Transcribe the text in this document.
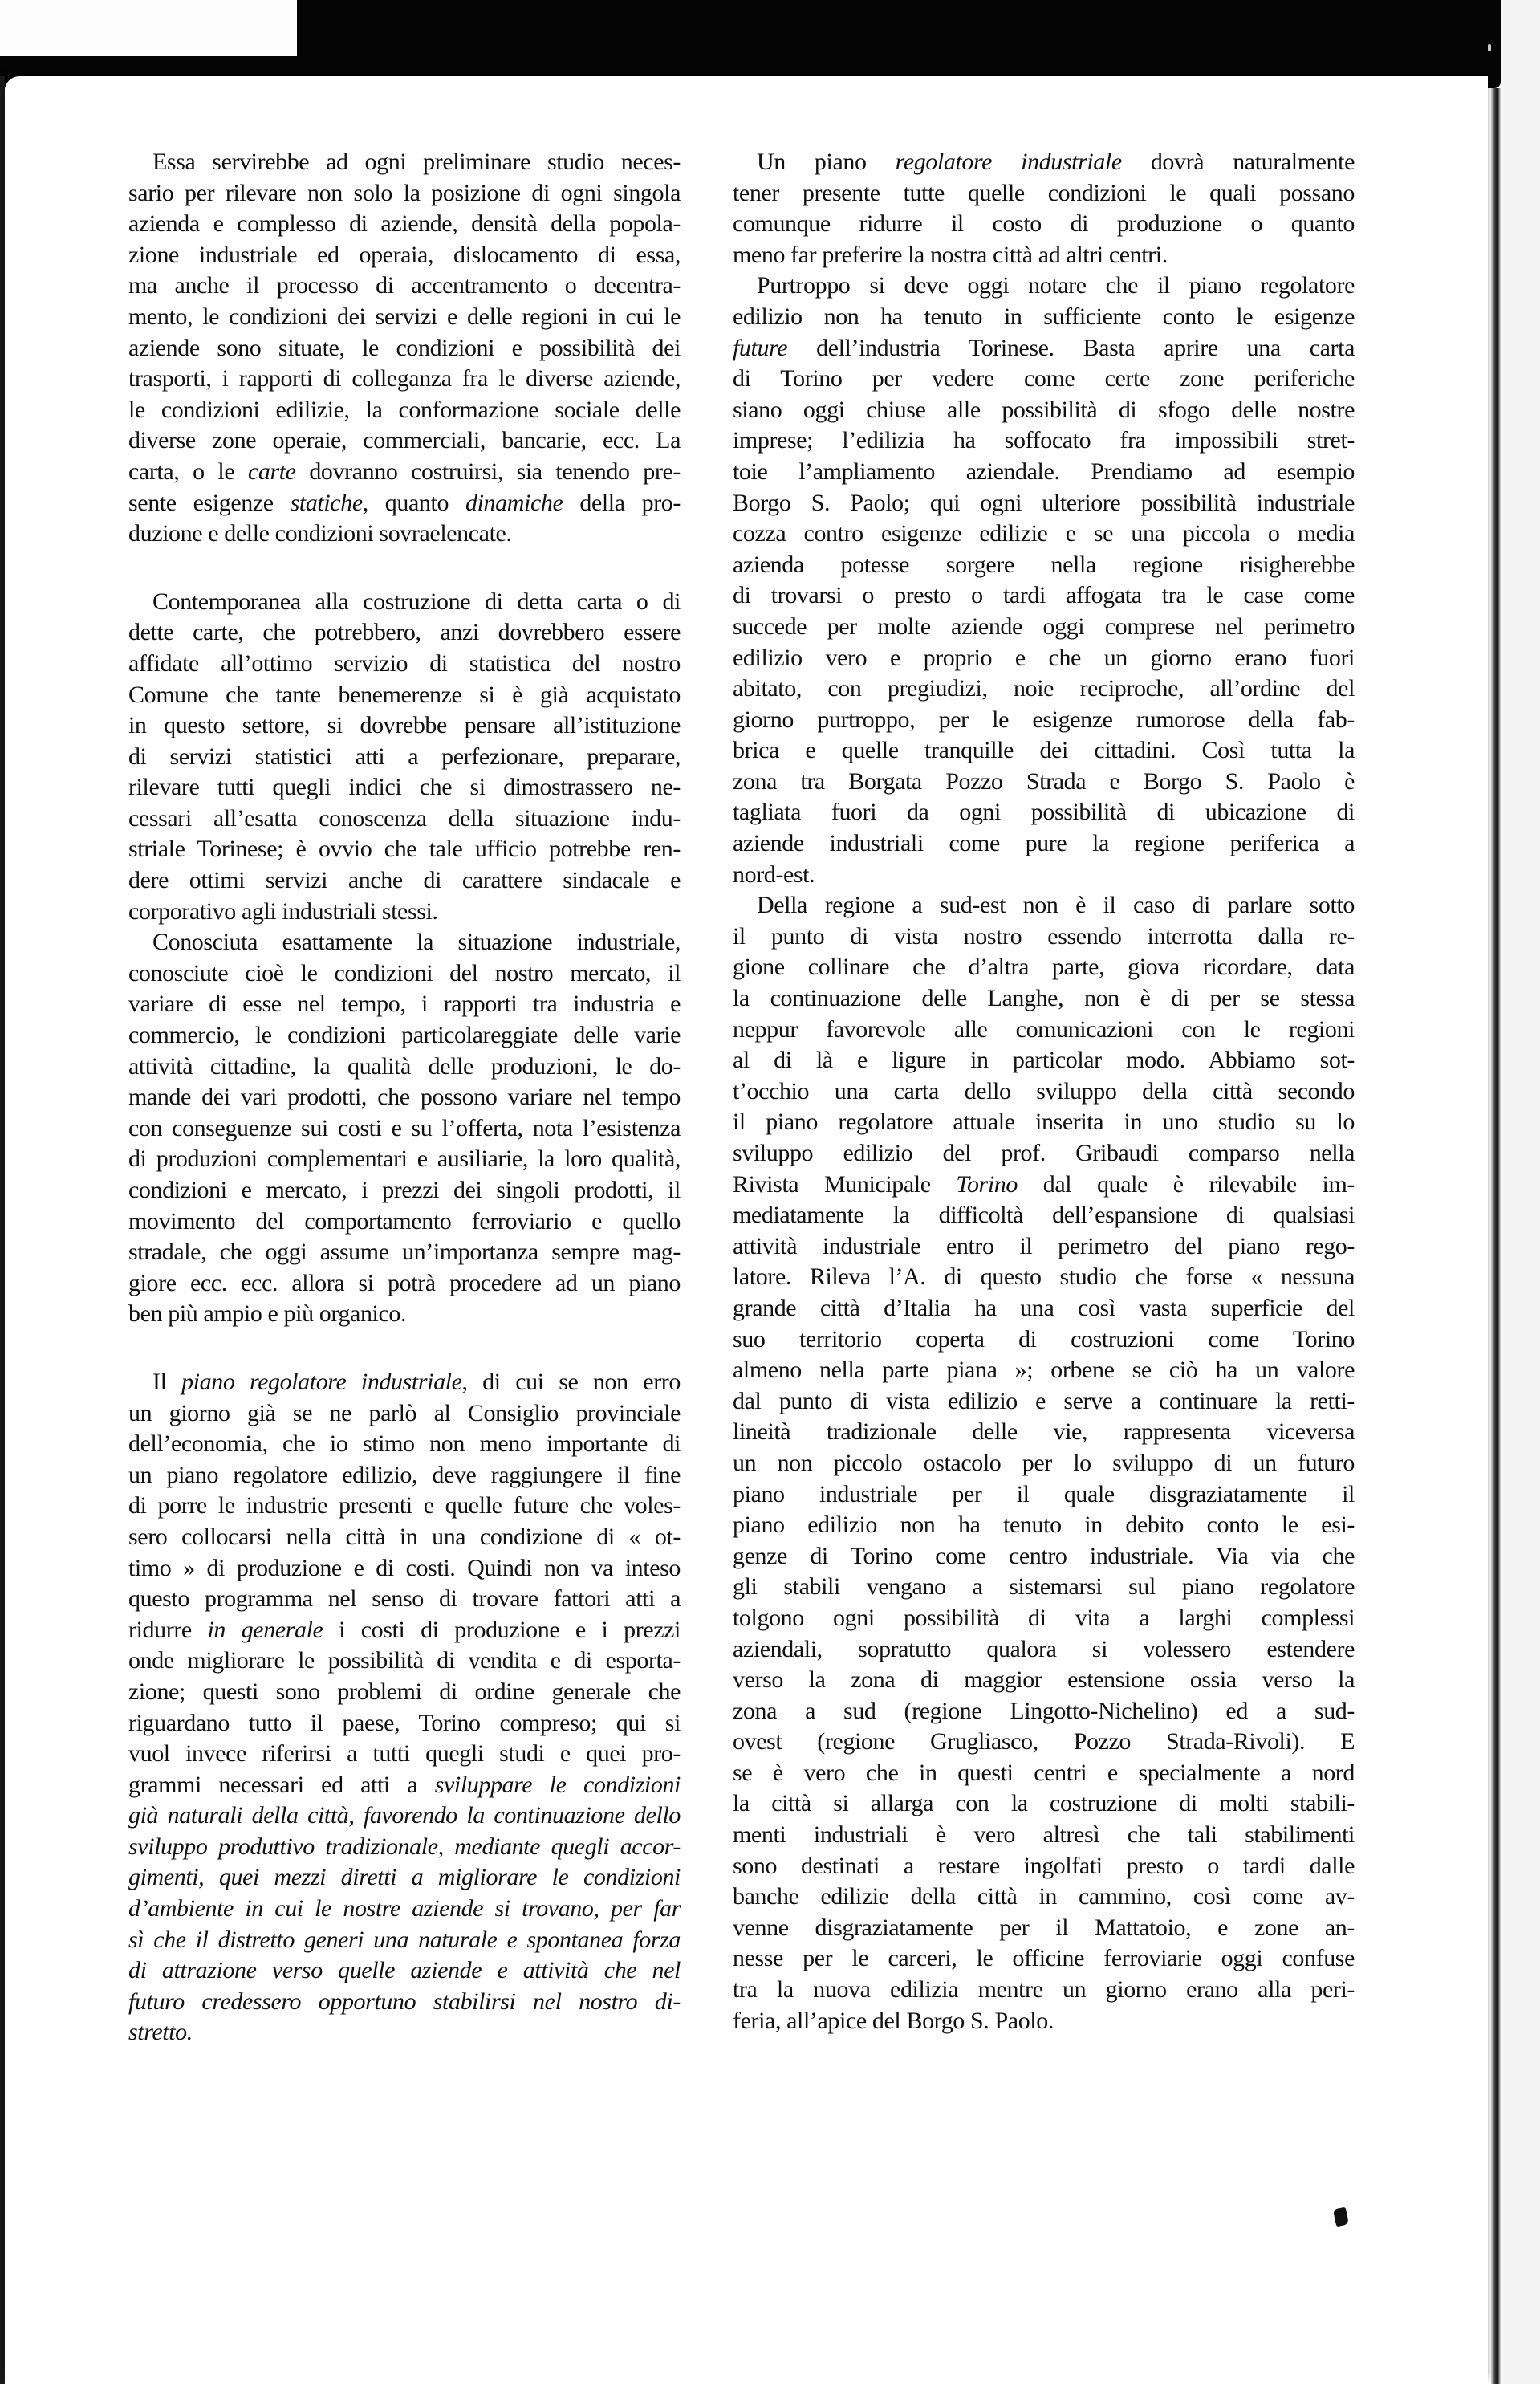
Essa servirebbe ad ogni preliminare studio neces-
sario per rilevare non solo la posizione di ogni singola
azienda e complesso di aziende, densità della popola-
zione industriale ed operaia, dislocamento di essa,
ma anche il processo di accentramento o decentra-
mento, le condizioni dei servizi e delle regioni in cui le
aziende sono situate, le condizioni e possibilità dei
trasporti, i rapporti di colleganza fra le diverse aziende,
le condizioni edilizie, la conformazione sociale delle
diverse zone operaie, commerciali, bancarie, ecc. La
carta, o le carte dovranno costruirsi, sia tenendo pre-
sente esigenze statiche, quanto dinamiche della pro-
duzione e delle condizioni sovraelencate.
Contemporanea alla costruzione di detta carta o di
dette carte, che potrebbero, anzi dovrebbero essere
affidate all’ottimo servizio di statistica del nostro
Comune che tante benemerenze si è già acquistato
in questo settore, si dovrebbe pensare all’istituzione
di servizi statistici atti a perfezionare, preparare,
rilevare tutti quegli indici che si dimostrassero ne-
cessari all’esatta conoscenza della situazione indu-
striale Torinese; è ovvio che tale ufficio potrebbe ren-
dere ottimi servizi anche di carattere sindacale e
corporativo agli industriali stessi.
Conosciuta esattamente la situazione industriale,
conosciute cioè le condizioni del nostro mercato, il
variare di esse nel tempo, i rapporti tra industria e
commercio, le condizioni particolareggiate delle varie
attività cittadine, la qualità delle produzioni, le do-
mande dei vari prodotti, che possono variare nel tempo
con conseguenze sui costi e su l’offerta, nota l’esistenza
di produzioni complementari e ausiliarie, la loro qualità,
condizioni e mercato, i prezzi dei singoli prodotti, il
movimento del comportamento ferroviario e quello
stradale, che oggi assume un’importanza sempre mag-
giore ecc. ecc. allora si potrà procedere ad un piano
ben più ampio e più organico.
Il piano regolatore industriale, di cui se non erro
un giorno già se ne parlò al Consiglio provinciale
dell’economia, che io stimo non meno importante di
un piano regolatore edilizio, deve raggiungere il fine
di porre le industrie presenti e quelle future che voles-
sero collocarsi nella città in una condizione di « ot-
timo » di produzione e di costi. Quindi non va inteso
questo programma nel senso di trovare fattori atti a
ridurre in generale i costi di produzione e i prezzi
onde migliorare le possibilità di vendita e di esporta-
zione; questi sono problemi di ordine generale che
riguardano tutto il paese, Torino compreso; qui si
vuol invece riferirsi a tutti quegli studi e quei pro-
grammi necessari ed atti a sviluppare le condizioni
già naturali della città, favorendo la continuazione dello
sviluppo produttivo tradizionale, mediante quegli accor-
gimenti, quei mezzi diretti a migliorare le condizioni
d’ambiente in cui le nostre aziende si trovano, per far
sì che il distretto generi una naturale e spontanea forza
di attrazione verso quelle aziende e attività che nel
futuro credessero opportuno stabilirsi nel nostro di-
stretto.
Un piano regolatore industriale dovrà naturalmente
tener presente tutte quelle condizioni le quali possano
comunque ridurre il costo di produzione o quanto
meno far preferire la nostra città ad altri centri.
Purtroppo si deve oggi notare che il piano regolatore
edilizio non ha tenuto in sufficiente conto le esigenze
future dell’industria Torinese. Basta aprire una carta
di Torino per vedere come certe zone periferiche
siano oggi chiuse alle possibilità di sfogo delle nostre
imprese; l’edilizia ha soffocato fra impossibili stret-
toie l’ampliamento aziendale. Prendiamo ad esempio
Borgo S. Paolo; qui ogni ulteriore possibilità industriale
cozza contro esigenze edilizie e se una piccola o media
azienda potesse sorgere nella regione risigherebbe
di trovarsi o presto o tardi affogata tra le case come
succede per molte aziende oggi comprese nel perimetro
edilizio vero e proprio e che un giorno erano fuori
abitato, con pregiudizi, noie reciproche, all’ordine del
giorno purtroppo, per le esigenze rumorose della fab-
brica e quelle tranquille dei cittadini. Così tutta la
zona tra Borgata Pozzo Strada e Borgo S. Paolo è
tagliata fuori da ogni possibilità di ubicazione di
aziende industriali come pure la regione periferica a
nord-est.
Della regione a sud-est non è il caso di parlare sotto
il punto di vista nostro essendo interrotta dalla re-
gione collinare che d’altra parte, giova ricordare, data
la continuazione delle Langhe, non è di per se stessa
neppur favorevole alle comunicazioni con le regioni
al di là e ligure in particolar modo. Abbiamo sot-
t’occhio una carta dello sviluppo della città secondo
il piano regolatore attuale inserita in uno studio su lo
sviluppo edilizio del prof. Gribaudi comparso nella
Rivista Municipale Torino dal quale è rilevabile im-
mediatamente la difficoltà dell’espansione di qualsiasi
attività industriale entro il perimetro del piano rego-
latore. Rileva l’A. di questo studio che forse « nessuna
grande città d’Italia ha una così vasta superficie del
suo territorio coperta di costruzioni come Torino
almeno nella parte piana »; orbene se ciò ha un valore
dal punto di vista edilizio e serve a continuare la retti-
lineità tradizionale delle vie, rappresenta viceversa
un non piccolo ostacolo per lo sviluppo di un futuro
piano industriale per il quale disgraziatamente il
piano edilizio non ha tenuto in debito conto le esi-
genze di Torino come centro industriale. Via via che
gli stabili vengano a sistemarsi sul piano regolatore
tolgono ogni possibilità di vita a larghi complessi
aziendali, sopratutto qualora si volessero estendere
verso la zona di maggior estensione ossia verso la
zona a sud (regione Lingotto-Nichelino) ed a sud-
ovest (regione Grugliasco, Pozzo Strada-Rivoli). E
se è vero che in questi centri e specialmente a nord
la città si allarga con la costruzione di molti stabili-
menti industriali è vero altresì che tali stabilimenti
sono destinati a restare ingolfati presto o tardi dalle
banche edilizie della città in cammino, così come av-
venne disgraziatamente per il Mattatoio, e zone an-
nesse per le carceri, le officine ferroviarie oggi confuse
tra la nuova edilizia mentre un giorno erano alla peri-
feria, all’apice del Borgo S. Paolo.
